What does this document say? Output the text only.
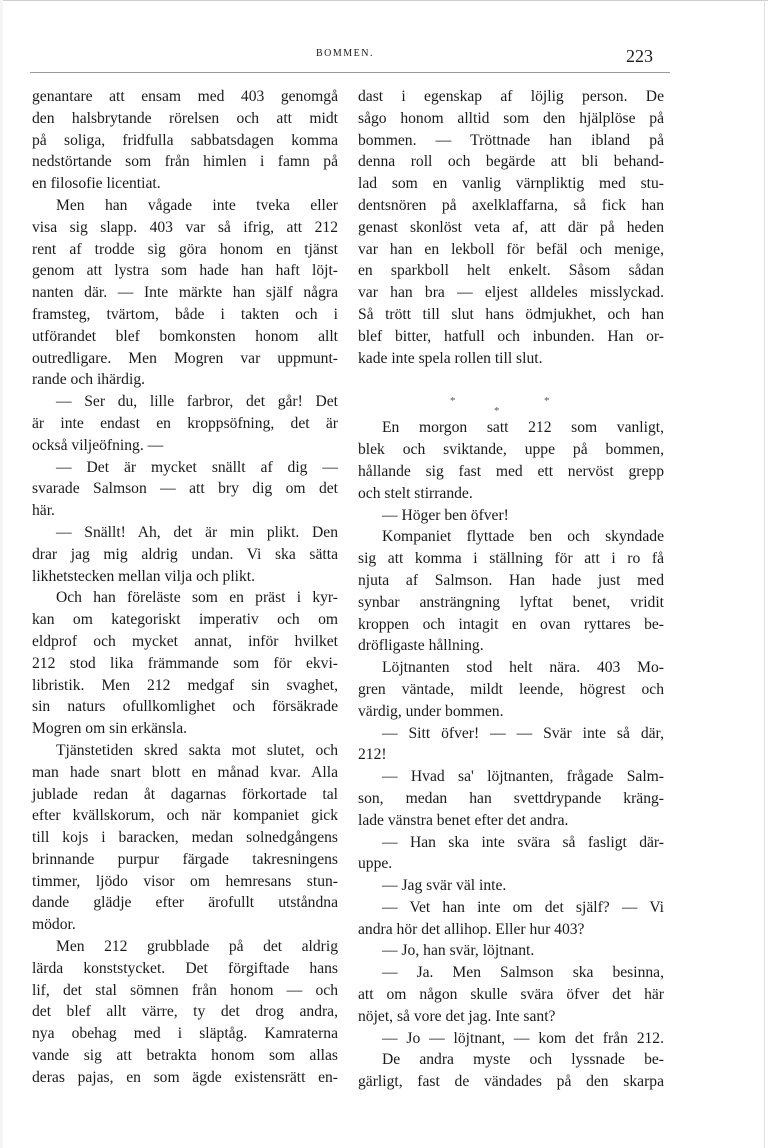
BOMMEN.	223
genantare att ensam med 403 genomgå
den halsbrytande rörelsen och att midt
på soliga, fridfulla sabbatsdagen komma
nedstörtande som från himlen i famn på
en filosofie licentiat.
Men han vågade inte tveka eller
visa sig slapp. 403 var så ifrig, att 212
rent af trodde sig göra honom en tjänst
genom att lystra som hade han haft löjt-
nanten där. — Inte märkte han själf några
framsteg, tvärtom, både i takten och i
utförandet blef bomkonsten honom allt
outredligare. Men Mogren var uppmunt-
rande och ihärdig.
— Ser du, lille farbror, det går! Det
är inte endast en kroppsöfning, det är
också viljeöfning. —
— Det är mycket snällt af dig —
svarade Salmson — att bry dig om det
här.
— Snällt! Ah, det är min plikt. Den
drar jag mig aldrig undan. Vi ska sätta
likhetstecken mellan vilja och plikt.
Och han föreläste som en präst i kyr-
kan om kategoriskt imperativ och om
eldprof och mycket annat, inför hvilket
212 stod lika främmande som för ekvi-
libristik. Men 212 medgaf sin svaghet,
sin naturs ofullkomlighet och försäkrade
Mogren om sin erkänsla.
Tjänstetiden skred sakta mot slutet, och
man hade snart blott en månad kvar. Alla
jublade redan åt dagarnas förkortade tal
efter kvällskorum, och när kompaniet gick
till kojs i baracken, medan solnedgångens
brinnande purpur färgade takresningens
timmer, ljödo visor om hemresans stun-
dande glädje efter ärofullt utståndna
mödor.
Men 212 grubblade på det aldrig
lärda konststycket. Det förgiftade hans
lif, det stal sömnen från honom — och
det blef allt värre, ty det drog andra,
nya obehag med i släptåg. Kamraterna
vande sig att betrakta honom som allas
deras pajas, en som ägde existensrätt en-
dast i egenskap af löjlig person. De
sågo honom alltid som den hjälplöse på
bommen. — Tröttnade han ibland på
denna roll och begärde att bli behand-
lad som en vanlig värnpliktig med stu-
dentsnören på axelklaffarna, så fick han
genast skonlöst veta af, att där på heden
var han en lekboll för befäl och menige,
en sparkboll helt enkelt. Såsom sådan
var han bra — eljest alldeles misslyckad.
Så trött till slut hans ödmjukhet, och han
blef bitter, hatfull och inbunden. Han or-
kade inte spela rollen till slut.
*
*
*
En morgon satt 212 som vanligt,
blek och sviktande, uppe på bommen,
hållande sig fast med ett nervöst grepp
och stelt stirrande.
— Höger ben öfver!
Kompaniet flyttade ben och skyndade
sig att komma i ställning för att i ro få
njuta af Salmson. Han hade just med
synbar ansträngning lyftat benet, vridit
kroppen och intagit en ovan ryttares be-
dröfligaste hållning.
Löjtnanten stod helt nära. 403 Mo-
gren väntade, mildt leende, högrest och
värdig, under bommen.
— Sitt öfver! — — Svär inte så där,
212!
— Hvad sa' löjtnanten, frågade Salm-
son, medan han svettdrypande kräng-
lade vänstra benet efter det andra.
— Han ska inte svära så fasligt där-
uppe.
— Jag svär väl inte.
— Vet han inte om det själf? — Vi
andra hör det allihop. Eller hur 403?
— Jo, han svär, löjtnant.
— Ja. Men Salmson ska besinna,
att om någon skulle svära öfver det här
nöjet, så vore det jag. Inte sant?
— Jo — löjtnant, — kom det från 212.
De andra myste och lyssnade be-
gärligt, fast de vändades på den skarpa
